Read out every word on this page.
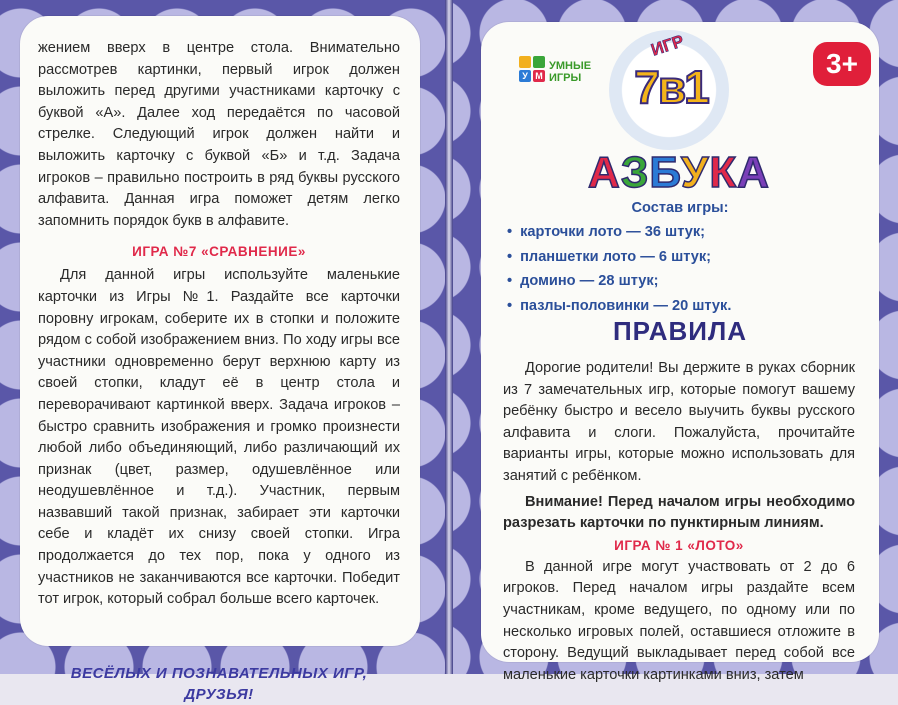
жением вверх в центре стола. Внимательно рассмотрев картинки, первый игрок должен выложить перед другими участниками карточку с буквой «А». Далее ход передаётся по часовой стрелке. Следующий игрок должен найти и выложить карточку с буквой «Б» и т.д. Задача игроков – правильно построить в ряд буквы русского алфавита. Данная игра поможет детям легко запомнить порядок букв в алфавите.

ИГРА №7 «СРАВНЕНИЕ»

Для данной игры используйте маленькие карточки из Игры №1. Раздайте все карточки поровну игрокам, соберите их в стопки и положите рядом с собой изображением вниз. По ходу игры все участники одновременно берут верхнюю карту из своей стопки, кладут её в центр стола и переворачивают картинкой вверх. Задача игроков – быстро сравнить изображения и громко произнести любой либо объединяющий, либо различающий их признак (цвет, размер, одушевлённое или неодушевлённое и т.д.). Участник, первым назвавший такой признак, забирает эти карточки себе и кладёт их снизу своей стопки. Игра продолжается до тех пор, пока у одного из участников не заканчиваются все карточки. Победит тот игрок, который собрал больше всего карточек.

ВЕСЁЛЫХ И ПОЗНАВАТЕЛЬНЫХ ИГР,

ДРУЗЬЯ!

У М
УМНЫЕ
ИГРЫ	3+
ИГР
7в1
АЗБУКА

Состав игры:

• карточки лото — 36 штук;
• планшетки лото — 6 штук;
• домино — 28 штук;
• пазлы-половинки — 20 штук.

ПРАВИЛА

Дорогие родители! Вы держите в руках сборник из 7 замечательных игр, которые помогут вашему ребёнку быстро и весело выучить буквы русского алфавита и слоги. Пожалуйста, прочитайте варианты игры, которые можно использовать для занятий с ребёнком.

Внимание! Перед началом игры необходимо разрезать карточки по пунктирным линиям.

ИГРА № 1 «ЛОТО»

В данной игре могут участвовать от 2 до 6 игроков. Перед началом игры раздайте всем участникам, кроме ведущего, по одному или по несколько игровых полей, оставшиеся отложите в сторону. Ведущий выкладывает перед собой все маленькие карточки картинками вниз, затем
